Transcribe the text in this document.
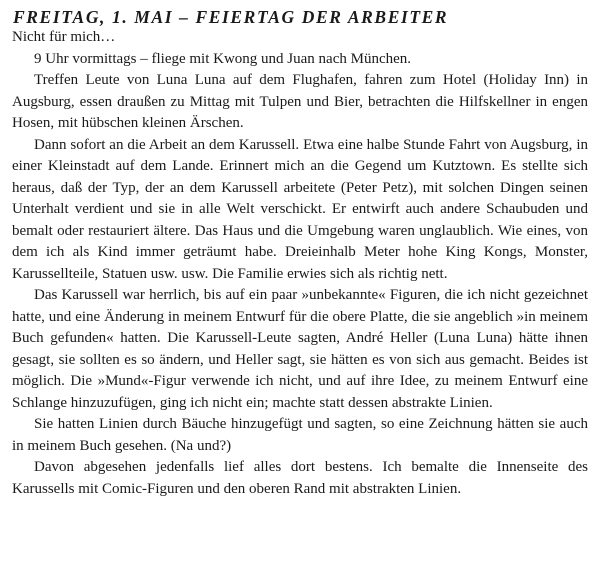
FREITAG, 1. MAI – FEIERTAG DER ARBEITER

Nicht für mich…

9 Uhr vormittags – fliege mit Kwong und Juan nach München.

Treffen Leute von Luna Luna auf dem Flughafen, fahren zum Hotel (Holiday Inn) in Augsburg, essen draußen zu Mittag mit Tulpen und Bier, betrachten die Hilfskellner in engen Hosen, mit hübschen kleinen Ärschen.

Dann sofort an die Arbeit an dem Karussell. Etwa eine halbe Stunde Fahrt von Augsburg, in einer Kleinstadt auf dem Lande. Erinnert mich an die Gegend um Kutztown. Es stellte sich heraus, daß der Typ, der an dem Karussell arbeitete (Peter Petz), mit solchen Dingen seinen Unterhalt verdient und sie in alle Welt verschickt. Er entwirft auch andere Schaubuden und bemalt oder restauriert ältere. Das Haus und die Umgebung waren unglaublich. Wie eines, von dem ich als Kind immer geträumt habe. Dreieinhalb Meter hohe King Kongs, Monster, Karussellteile, Statuen usw. usw. Die Familie erwies sich als richtig nett.

Das Karussell war herrlich, bis auf ein paar »unbekannte« Figuren, die ich nicht gezeichnet hatte, und eine Änderung in meinem Entwurf für die obere Platte, die sie angeblich »in meinem Buch gefunden« hatten. Die Karussell-Leute sagten, André Heller (Luna Luna) hätte ihnen gesagt, sie sollten es so ändern, und Heller sagt, sie hätten es von sich aus gemacht. Beides ist möglich. Die »Mund«-Figur verwende ich nicht, und auf ihre Idee, zu meinem Entwurf eine Schlange hinzuzufügen, ging ich nicht ein; machte statt dessen abstrakte Linien.

Sie hatten Linien durch Bäuche hinzugefügt und sagten, so eine Zeichnung hätten sie auch in meinem Buch gesehen. (Na und?)

Davon abgesehen jedenfalls lief alles dort bestens. Ich bemalte die Innenseite des Karussells mit Comic-Figuren und den oberen Rand mit abstrakten Linien.
